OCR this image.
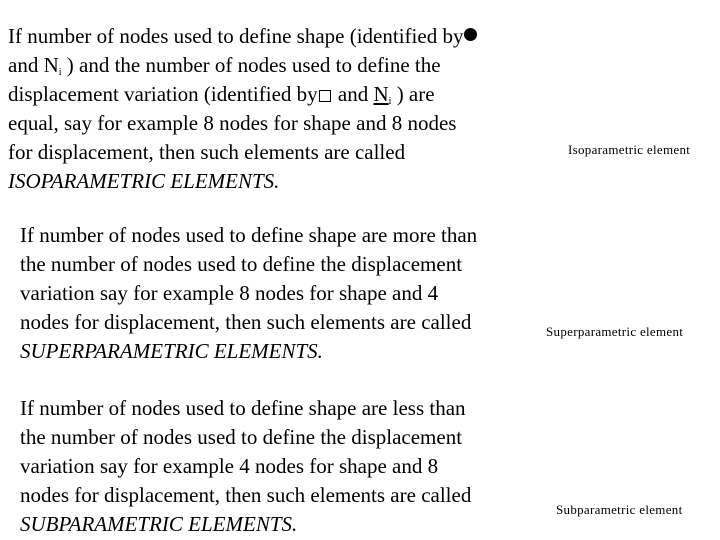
If number of nodes used to define shape (identified by
and $N_i$ ) and the number of nodes used to define the
displacement variation (identified by and $N_i$ ) are
equal, say for example 8 nodes for shape and 8 nodes
for displacement, then such elements are called
ISOPARAMETRIC ELEMENTS.
Isoparametric element
If number of nodes used to define shape are more than
the number of nodes used to define the displacement
variation say for example 8 nodes for shape and 4
nodes for displacement, then such elements are called
SUPERPARAMETRIC ELEMENTS.
Superparametric element
If number of nodes used to define shape are less than
the number of nodes used to define the displacement
variation say for example 4 nodes for shape and 8
nodes for displacement, then such elements are called
SUBPARAMETRIC ELEMENTS.
Subparametric element
